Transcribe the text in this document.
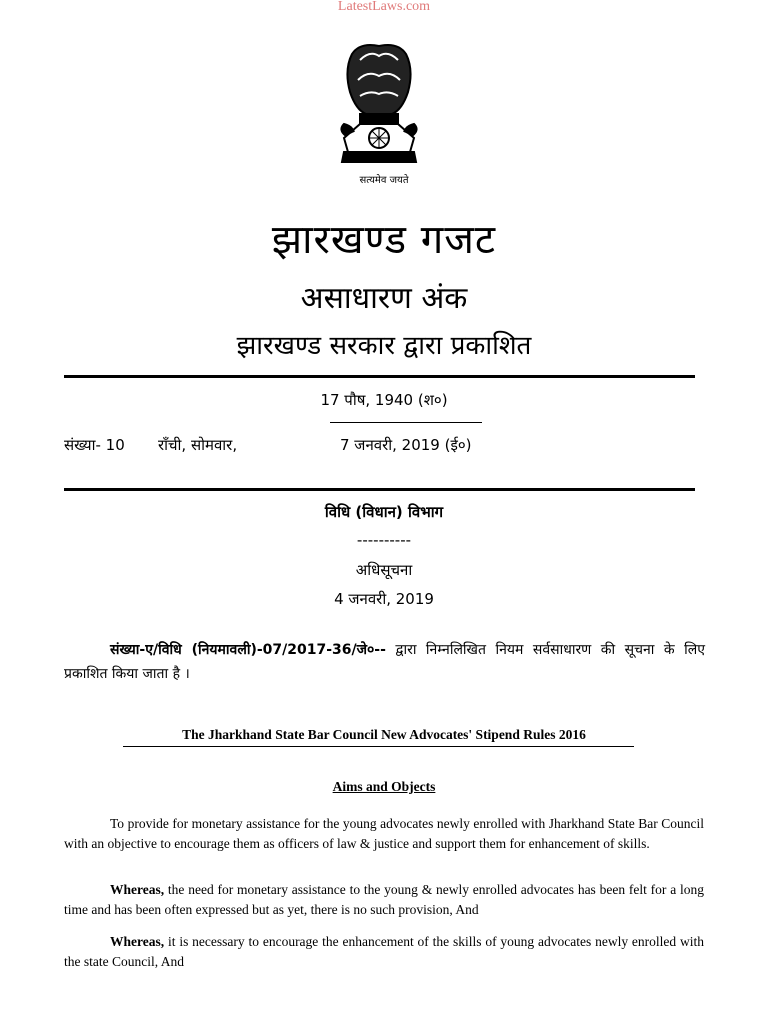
LatestLaws.com
सत्यमेव जयते
झारखण्ड गजट
असाधारण अंक
झारखण्ड सरकार द्वारा प्रकाशित
17 पौष, 1940 (श०)
संख्या- 10 राँची, सोमवार,	7 जनवरी, 2019 (ई०)
विधि (विधान) विभाग
----------
अधिसूचना
4 जनवरी, 2019
संख्या-ए/विधि (नियमावली)-07/2017-36/जे०-- द्वारा निम्नलिखित नियम सर्वसाधारण की सूचना के लिए प्रकाशित किया जाता है ।
The Jharkhand State Bar Council New Advocates' Stipend Rules 2016
Aims and Objects
To provide for monetary assistance for the young advocates newly enrolled with Jharkhand State Bar Council with an objective to encourage them as officers of law & justice and support them for enhancement of skills.
Whereas, the need for monetary assistance to the young & newly enrolled advocates has been felt for a long time and has been often expressed but as yet, there is no such provision, And
Whereas, it is necessary to encourage the enhancement of the skills of young advocates newly enrolled with the state Council, And
